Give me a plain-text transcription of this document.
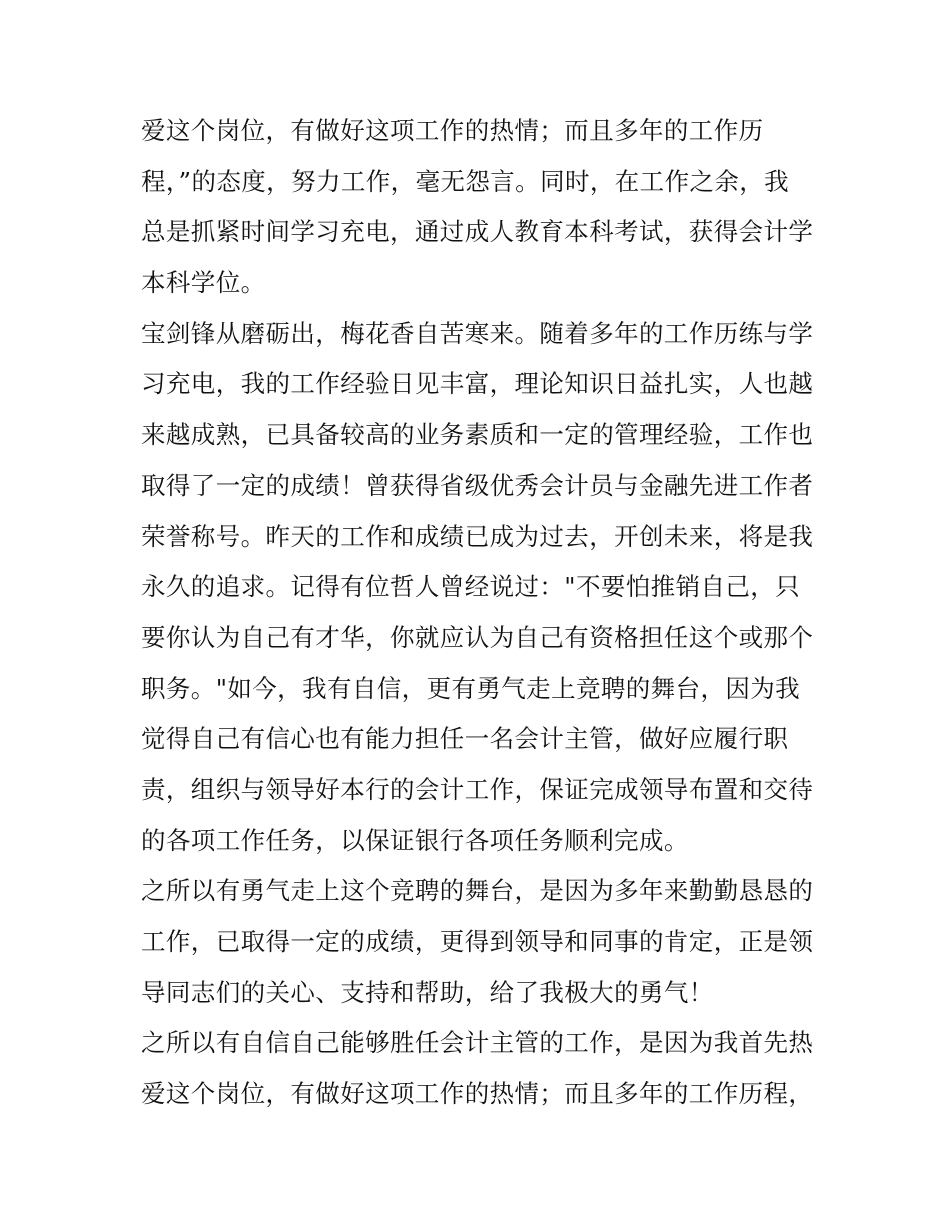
爱这个岗位，有做好这项工作的热情；而且多年的工作历
程，”的态度，努力工作，毫无怨言。同时，在工作之余，我
总是抓紧时间学习充电，通过成人教育本科考试，获得会计学
本科学位。
宝剑锋从磨砺出，梅花香自苦寒来。随着多年的工作历练与学
习充电，我的工作经验日见丰富，理论知识日益扎实，人也越
来越成熟，已具备较高的业务素质和一定的管理经验，工作也
取得了一定的成绩！曾获得省级优秀会计员与金融先进工作者
荣誉称号。昨天的工作和成绩已成为过去，开创未来，将是我
永久的追求。记得有位哲人曾经说过："不要怕推销自己，只
要你认为自己有才华，你就应认为自己有资格担任这个或那个
职务。"如今，我有自信，更有勇气走上竞聘的舞台，因为我
觉得自己有信心也有能力担任一名会计主管，做好应履行职
责，组织与领导好本行的会计工作，保证完成领导布置和交待
的各项工作任务，以保证银行各项任务顺利完成。
之所以有勇气走上这个竞聘的舞台，是因为多年来勤勤恳恳的
工作，已取得一定的成绩，更得到领导和同事的肯定，正是领
导同志们的关心、支持和帮助，给了我极大的勇气！
之所以有自信自己能够胜任会计主管的工作，是因为我首先热
爱这个岗位，有做好这项工作的热情；而且多年的工作历程，
